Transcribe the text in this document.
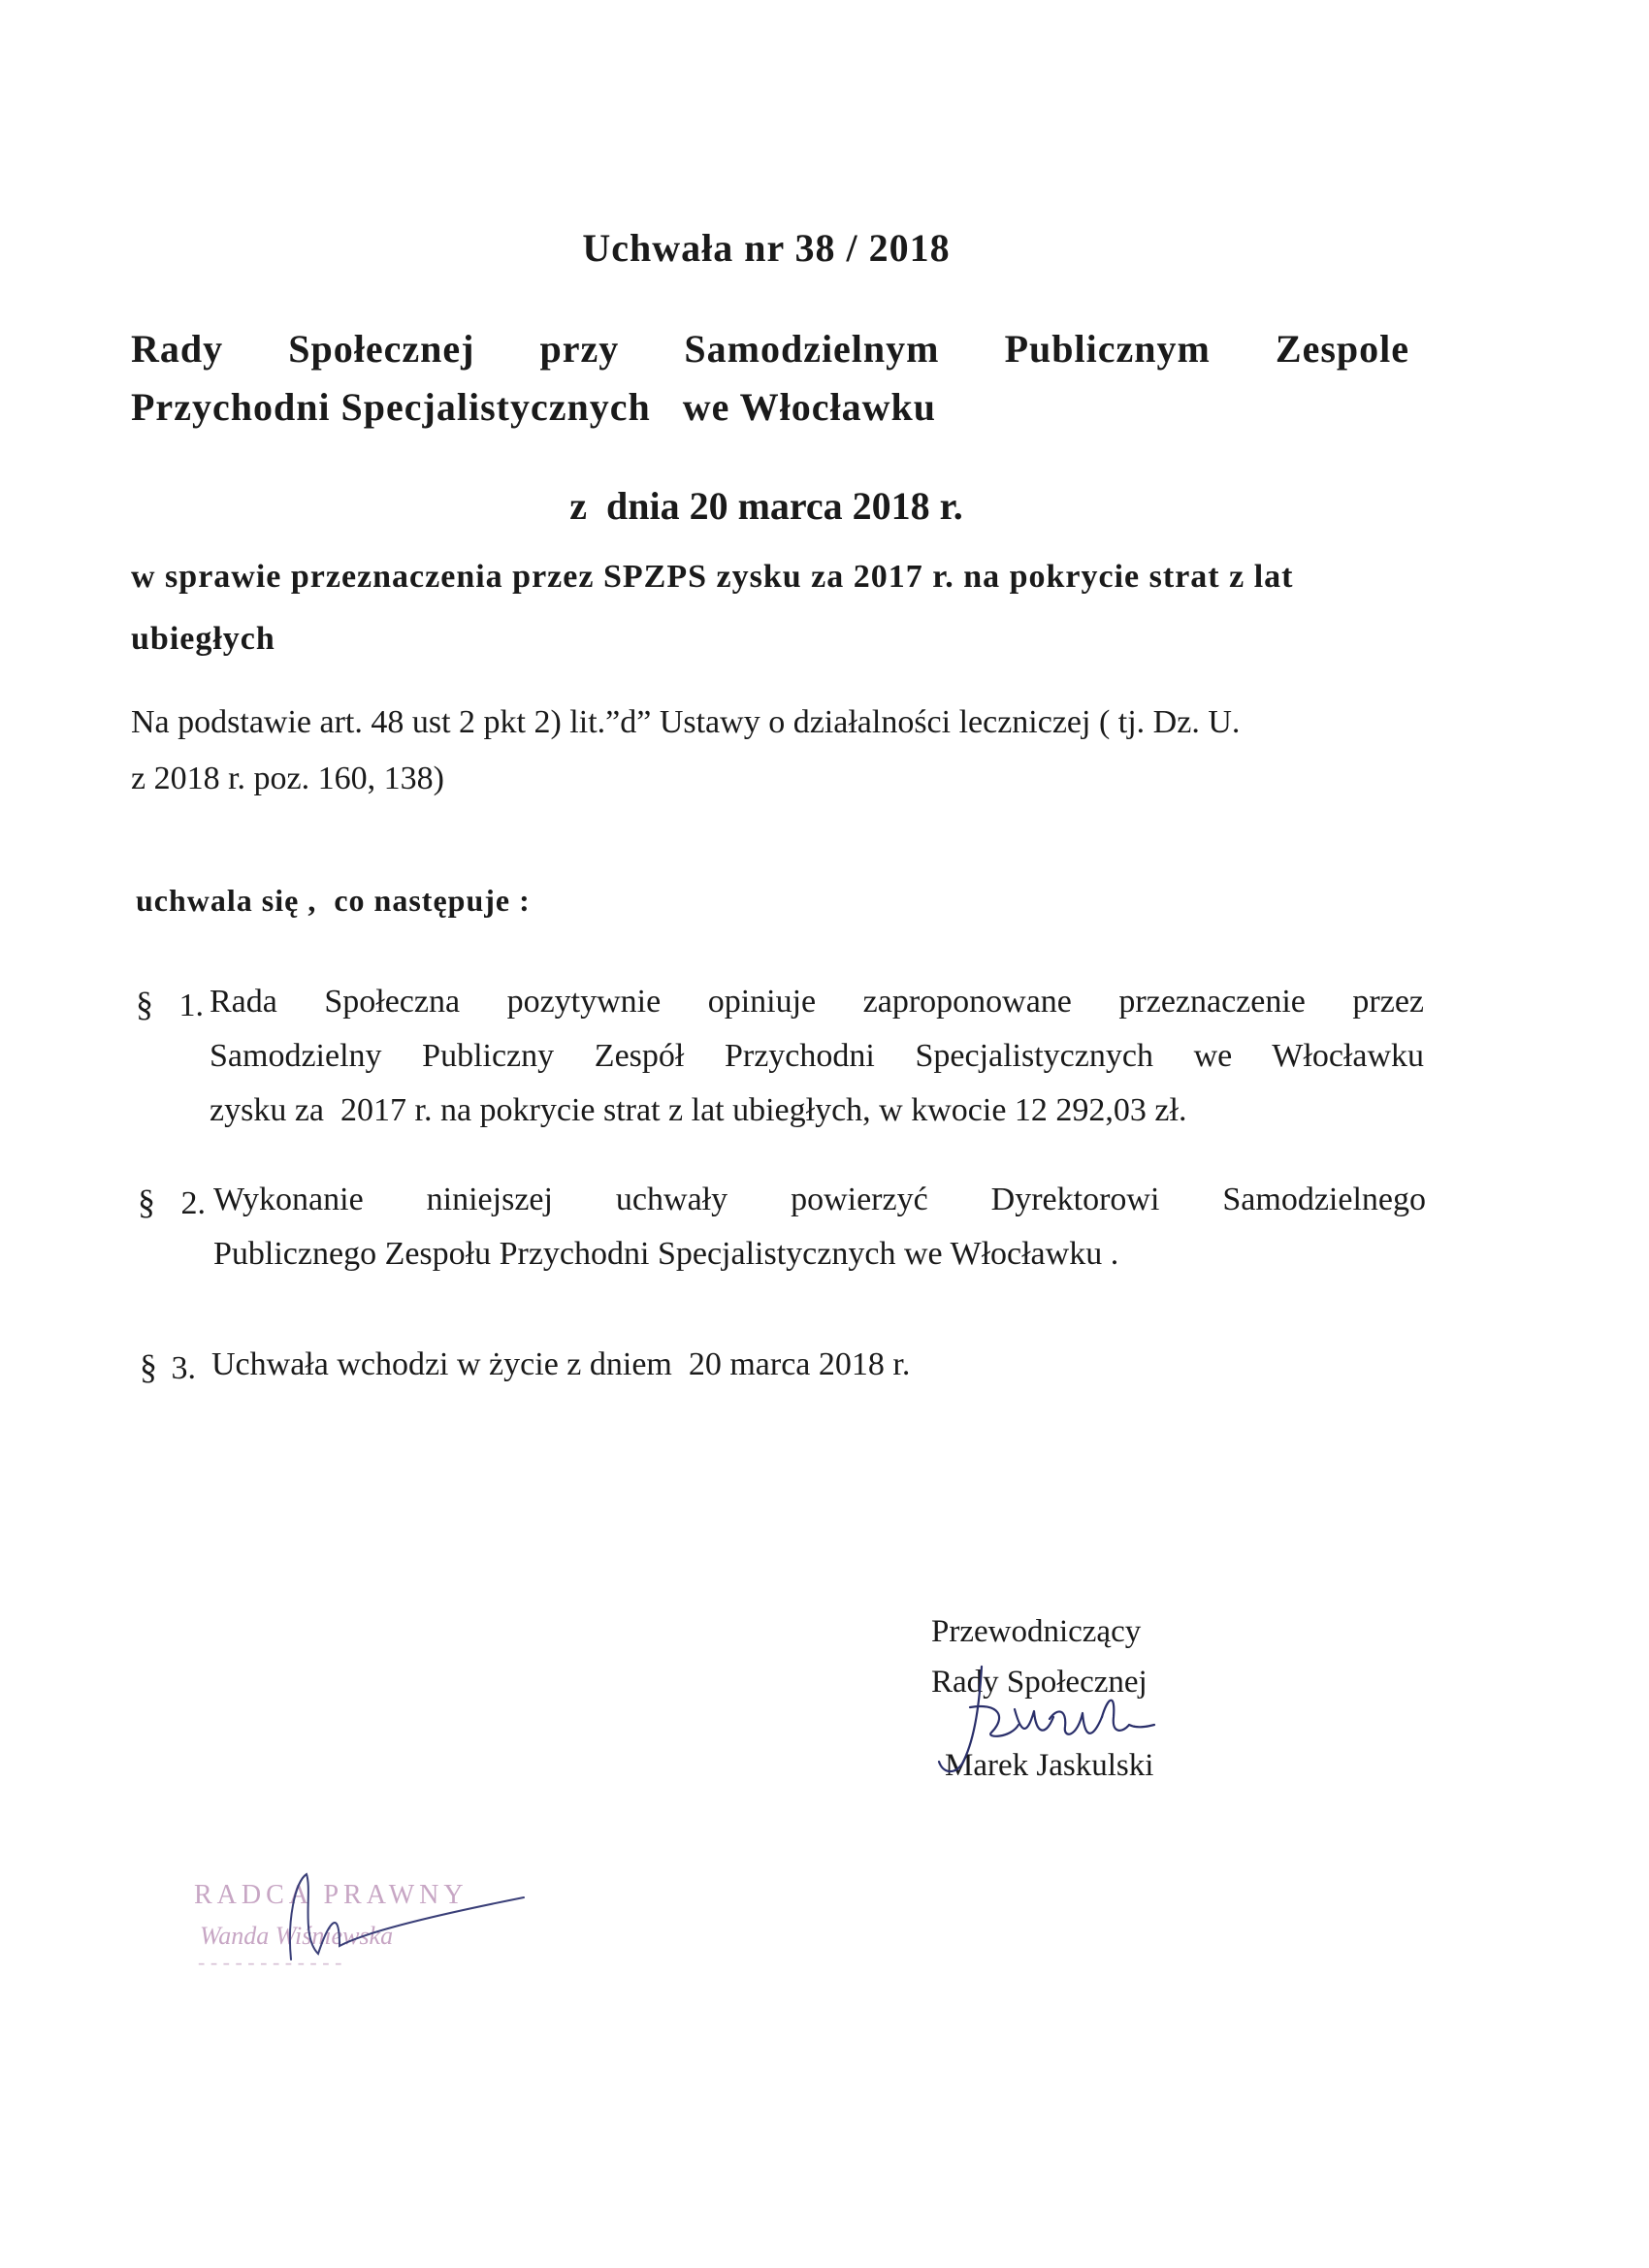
Uchwała nr 38 / 2018
Rady Społecznej przy Samodzielnym Publicznym Zespole
Przychodni Specjalistycznych   we Włocławku
z  dnia 20 marca 2018 r.
w sprawie przeznaczenia przez SPZPS zysku za 2017 r. na pokrycie strat z lat
ubiegłych
Na podstawie art. 48 ust 2 pkt 2) lit.”d” Ustawy o działalności leczniczej ( tj. Dz. U.
z 2018 r. poz. 160, 138)
uchwala się ,  co następuje :
§ 1. Rada Społeczna pozytywnie opiniuje zaproponowane przeznaczenie przez
Samodzielny Publiczny Zespół Przychodni Specjalistycznych we Włocławku
zysku za  2017 r. na pokrycie strat z lat ubiegłych, w kwocie 12 292,03 zł.
§ 2. Wykonanie niniejszej uchwały powierzyć Dyrektorowi Samodzielnego
Publicznego Zespołu Przychodni Specjalistycznych we Włocławku .
§ 3. Uchwała wchodzi w życie z dniem  20 marca 2018 r.
Przewodniczący
Rady Społecznej
Marek Jaskulski
RADCA PRAWNY
Wanda Wiśniewska
- - - - - - - - - - - -
